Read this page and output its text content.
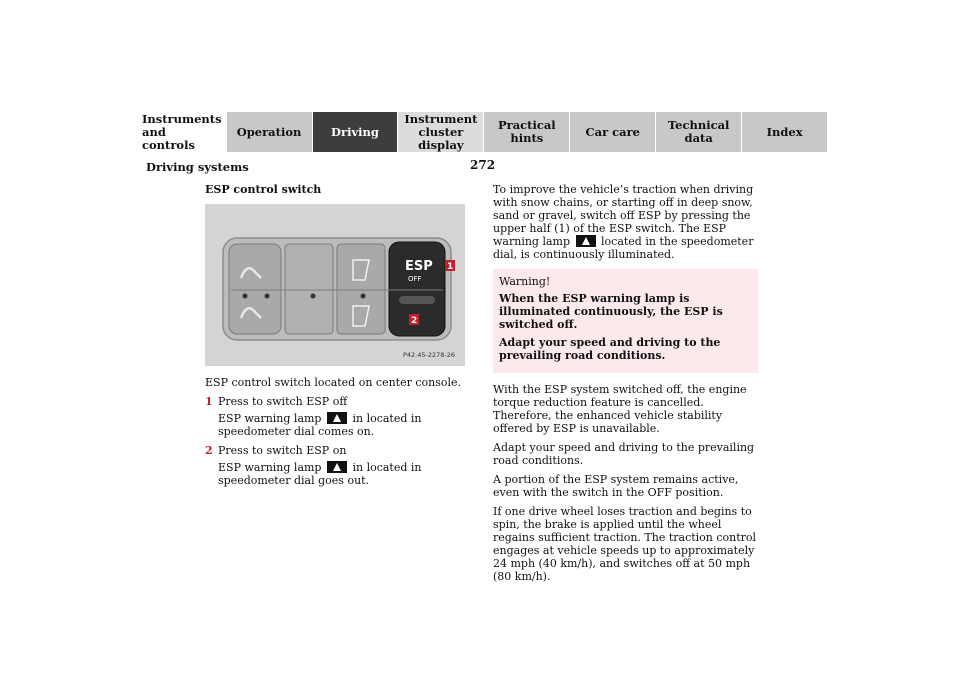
Instruments
and controls
Operation	Driving
Instrument
cluster display
Practical hints	Car care	Technical
data	Index
Driving systems	272
ESP control switch
ESP
OFF
1
2
P42.45-2278-26

ESP control switch located on center console.

1 Press to switch ESP off
ESP warning lamp	in located in speedometer dial comes on.
2 Press to switch ESP on
ESP warning lamp	in located in speedometer dial goes out.

To improve the vehicle’s traction when driving with snow chains, or starting off in deep snow, sand or gravel, switch off ESP by pressing the upper half (1) of the ESP switch. The ESP warning lamp	located in the speedometer dial, is continuously illuminated.

Warning!

When the ESP warning lamp is illuminated continuously, the ESP is switched off.

Adapt your speed and driving to the prevailing road conditions.

With the ESP system switched off, the engine torque reduction feature is cancelled. Therefore, the enhanced vehicle stability offered by ESP is unavailable.

Adapt your speed and driving to the prevailing road conditions.

A portion of the ESP system remains active, even with the switch in the OFF position.

If one drive wheel loses traction and begins to spin, the brake is applied until the wheel regains sufficient traction. The traction control engages at vehicle speeds up to approximately 24 mph (40 km/h), and switches off at 50 mph (80 km/h).
